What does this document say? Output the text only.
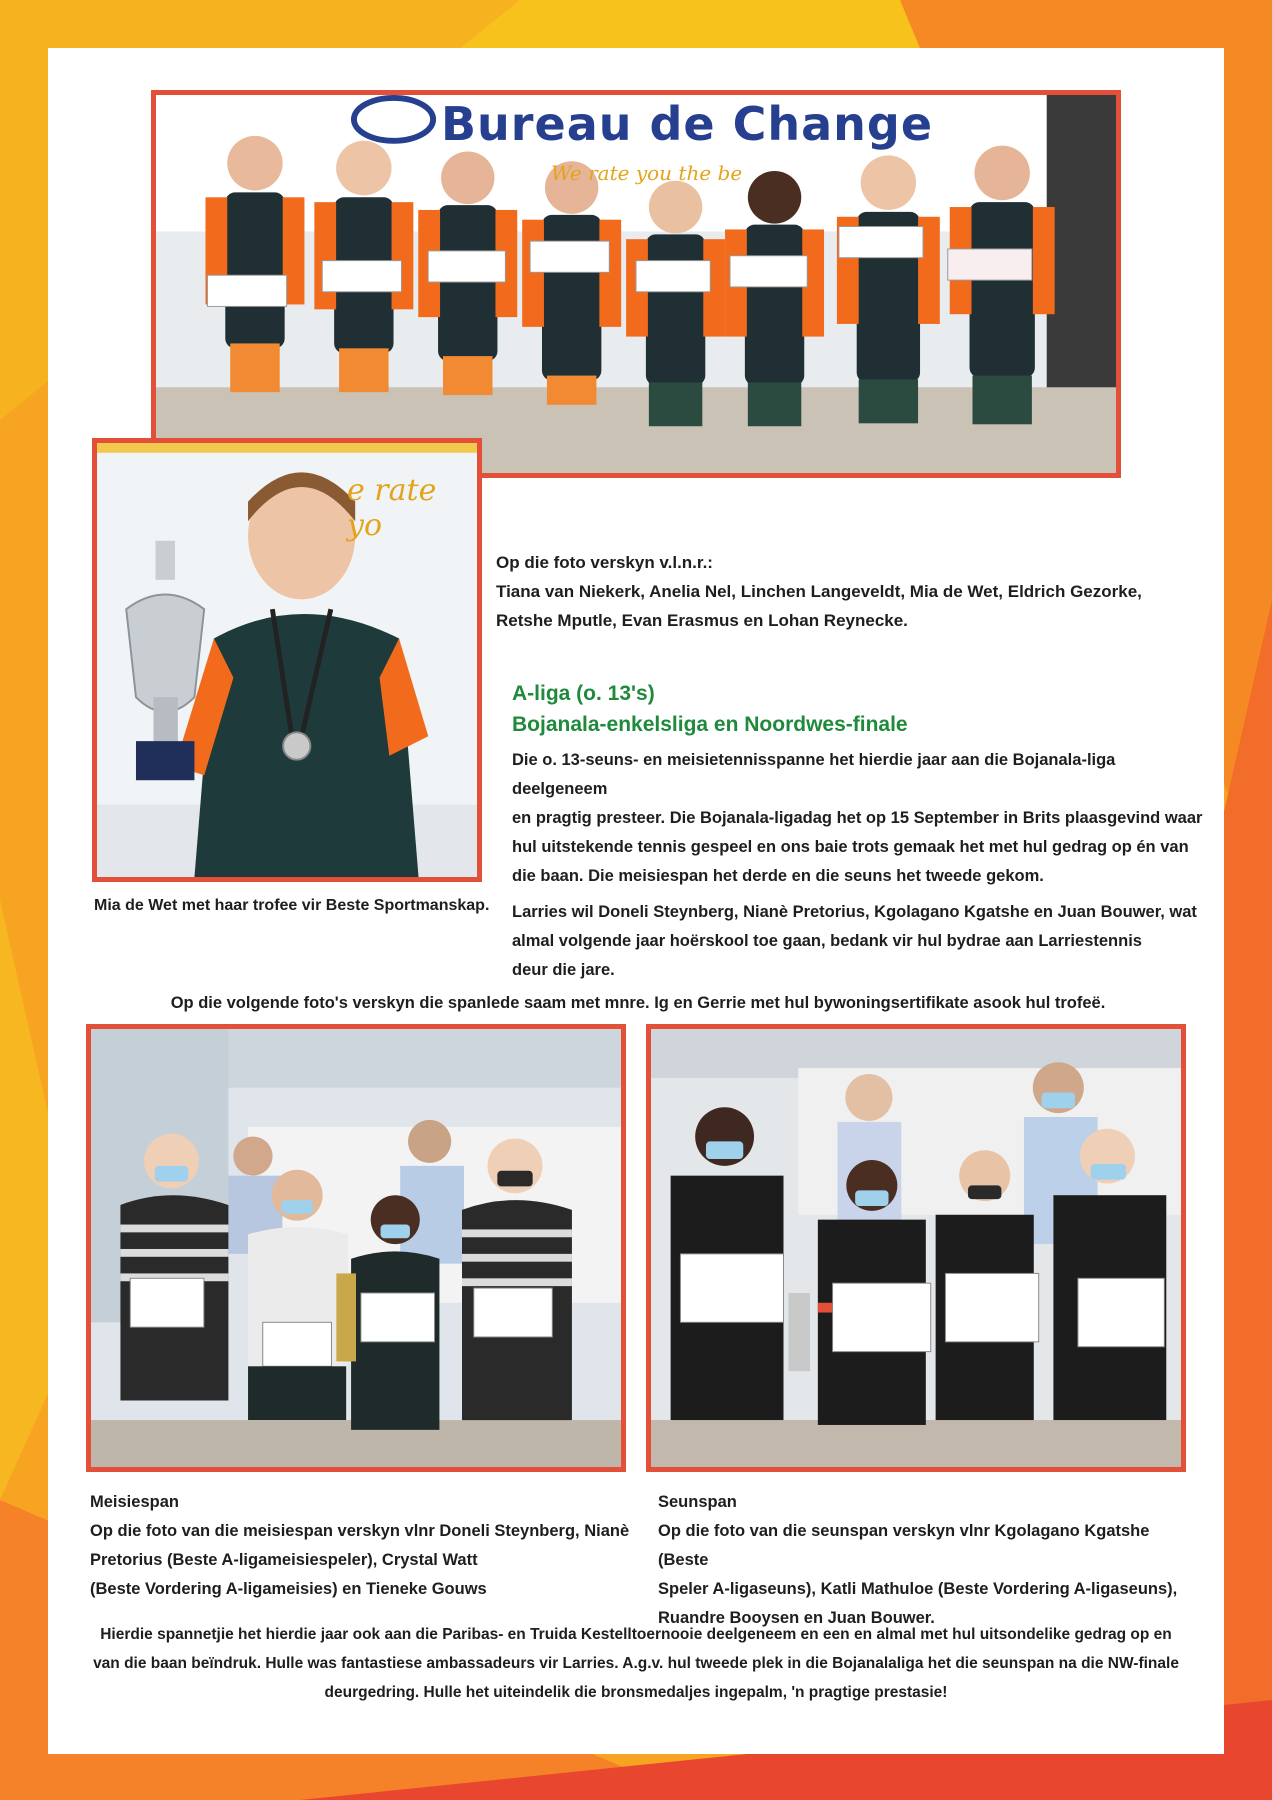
Bureau de Change
We rate you the be
e rate yo
Op die foto verskyn v.l.n.r.:
Tiana van Niekerk, Anelia Nel, Linchen Langeveldt, Mia de Wet, Eldrich Gezorke,
Retshe Mputle, Evan Erasmus en Lohan Reynecke.
Mia de Wet met haar trofee vir Beste Sportmanskap.
A-liga (o. 13's)
Bojanala-enkelsliga en Noordwes-finale
Die o. 13-seuns- en meisietennisspanne het hierdie jaar aan die Bojanala-liga deelgeneem
en pragtig presteer. Die Bojanala-ligadag het op 15 September in Brits plaasgevind waar
hul uitstekende tennis gespeel en ons baie trots gemaak het met hul gedrag op én van
die baan. Die meisiespan het derde en die seuns het tweede gekom.
Larries wil Doneli Steynberg, Nianè Pretorius, Kgolagano Kgatshe en Juan Bouwer, wat
almal volgende jaar hoërskool toe gaan, bedank vir hul bydrae aan Larriestennis
deur die jare.
Op die volgende foto's verskyn die spanlede saam met mnre. Ig en Gerrie met hul bywoningsertifikate asook hul trofeë.
Meisiespan
Op die foto van die meisiespan verskyn vlnr Doneli Steynberg, Nianè
Pretorius (Beste A-ligameisiespeler), Crystal Watt
(Beste Vordering A-ligameisies) en Tieneke Gouws
Seunspan
Op die foto van die seunspan verskyn vlnr Kgolagano Kgatshe (Beste
Speler A-ligaseuns), Katli Mathuloe (Beste Vordering A-ligaseuns),
Ruandre Booysen en Juan Bouwer.
Hierdie spannetjie het hierdie jaar ook aan die Paribas- en Truida Kestelltoernooie deelgeneem en een en almal met hul uitsondelike gedrag op en
van die baan beïndruk. Hulle was fantastiese ambassadeurs vir Larries. A.g.v. hul tweede plek in die Bojanalaliga het die seunspan na die NW-finale
deurgedring. Hulle het uiteindelik die bronsmedaljes ingepalm, 'n pragtige prestasie!
